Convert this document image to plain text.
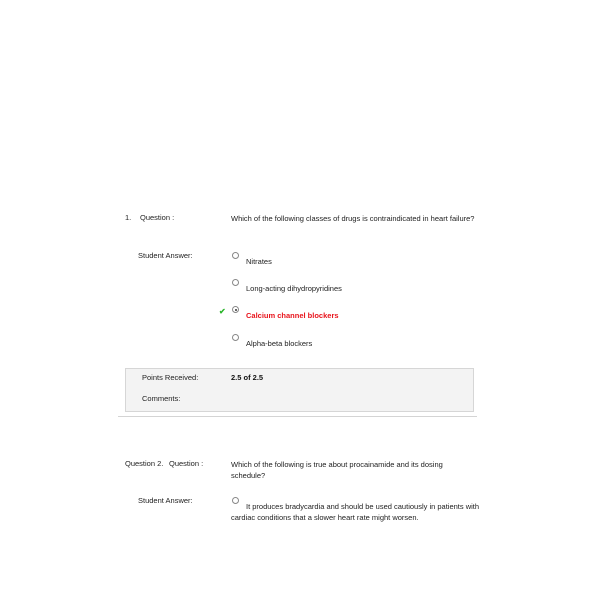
1. Question :	Which of the following classes of drugs is contraindicated in heart failure?
Student Answer:
Nitrates
Long-acting dihydropyridines
✔	Calcium channel blockers
Alpha-beta blockers
Points Received:	2.5 of 2.5
Comments:
Question 2. Question :	Which of the following is true about procainamide and its dosing schedule?
Student Answer:
It produces bradycardia and should be used cautiously in patients with cardiac conditions that a slower heart rate might worsen.
